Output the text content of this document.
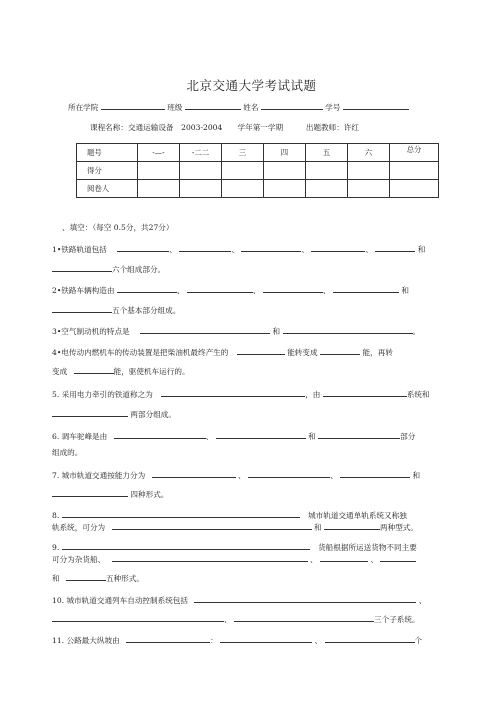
北京交通大学考试试题
所在学院	班级	姓名	学号
课程名称：交通运输设备　2003-2004　　学年第一学期　　　出题教师：许红
题号	-—-	-二二	三	四	五	六	总分
得分							
阅卷人							
、填空：（每空 0.5分，共27分）
1•铁路轨道包括	、	、	、	、	和
六个组成部分。
2•铁路车辆构造由	、	、	、	和
五个基本部分组成。
3•空气制动机的特点是	和	。
4•电传动内燃机车的传动装置是把柴油机最终产生的	能转变成	能，再转
变成	能，驱使机车运行的。
5. 采用电力牵引的铁道称之为	，由	系统和
两部分组成。
6. 调车驼峰是由	、	和	部分
组成的。
7. 城市轨道交通按能力分为	、	、	和
四种形式。
8.	城市轨道交通单轨系统又称独
轨系统，可分为	和	两种型式。
9.	货船根据所运送货物不同主要
可分为杂货船、	、	、
和	五种形式。
10. 城市轨道交通列车自动控制系统包括	、
、	三个子系统。
11. 公路最大纵坡由	：	、	个
